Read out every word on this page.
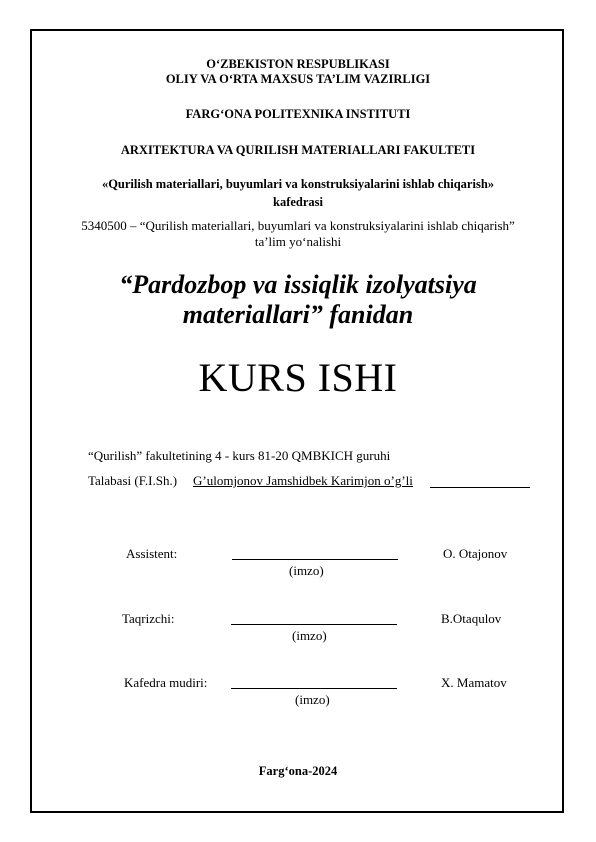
O‘ZBEKISTON RESPUBLIKASI
OLIY VA O‘RTA MAXSUS TA’LIM VAZIRLIGI
FARG‘ONA POLITEXNIKA INSTITUTI
ARXITEKTURA VA QURILISH MATERIALLARI FAKULTETI
«Qurilish materiallari, buyumlari va konstruksiyalarini ishlab chiqarish»
kafedrasi
5340500 – “Qurilish materiallari, buyumlari va konstruksiyalarini ishlab chiqarish”
ta’lim yo‘nalishi
“Pardozbop va issiqlik izolyatsiya
materiallari” fanidan
KURS ISHI
“Qurilish” fakultetining 4 - kurs 81-20 QMBKICH guruhi
Talabasi (F.I.Sh.) G’ulomjonov Jamshidbek Karimjon o’g’li
Assistent:
(imzo)
O. Otajonov
Taqrizchi:
(imzo)
B.Otaqulov
Kafedra mudiri:
(imzo)
X. Mamatov
Farg‘ona-2024
